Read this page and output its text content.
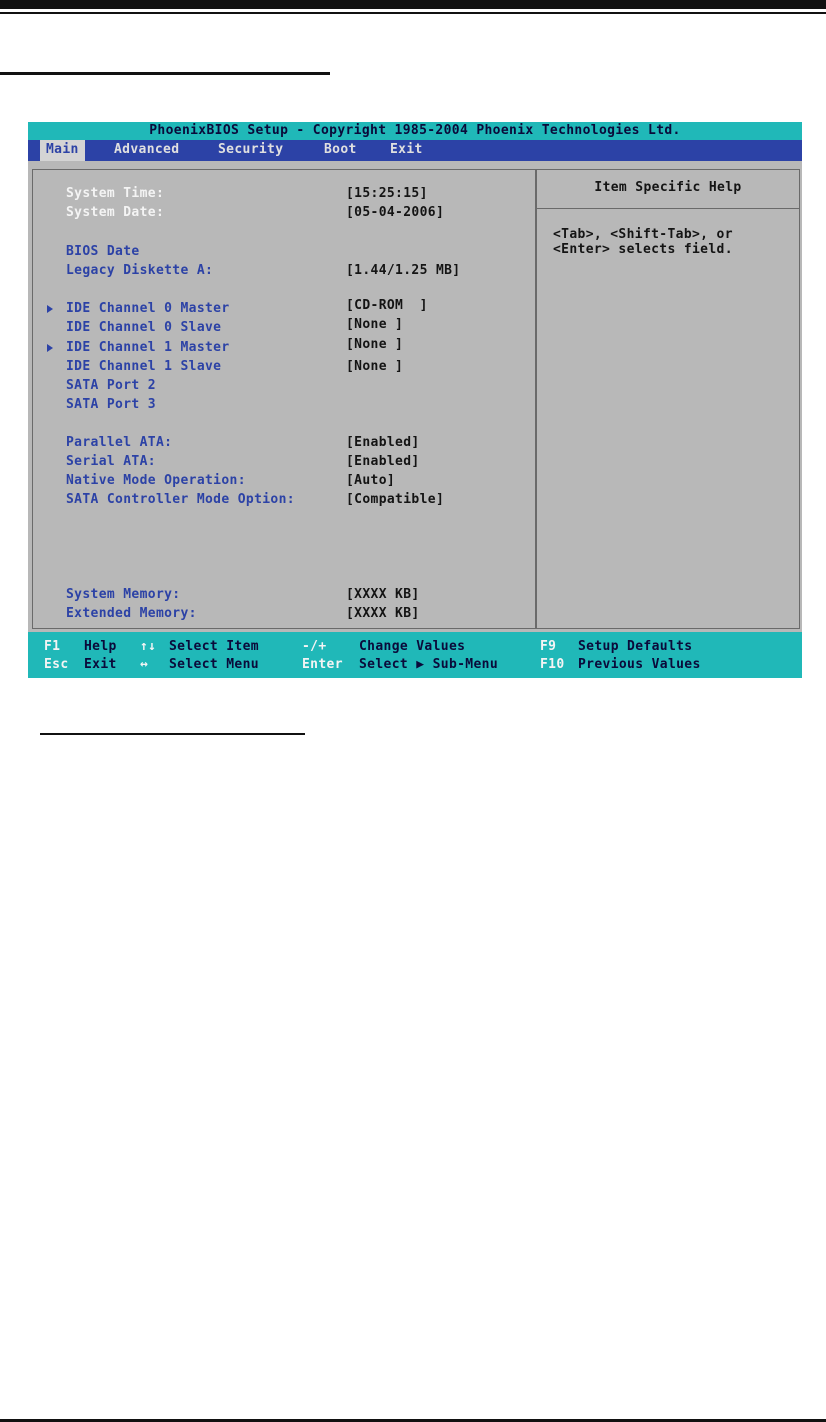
PhoenixBIOS Setup - Copyright 1985-2004 Phoenix Technologies Ltd.
Main	Advanced	Security	Boot	Exit
System Time:	[15:25:15]
System Date:	[05-04-2006]
BIOS Date
Legacy Diskette A:	[1.44/1.25 MB]
IDE Channel 0 Master	[CD-ROM  ]
IDE Channel 0 Slave	[None ]
IDE Channel 1 Master	[None ]
IDE Channel 1 Slave	[None ]
SATA Port 2
SATA Port 3
Parallel ATA:	[Enabled]
Serial ATA:	[Enabled]
Native Mode Operation:	[Auto]
SATA Controller Mode Option:	[Compatible]
System Memory:	[XXXX KB]
Extended Memory:	[XXXX KB]
Item Specific Help
<Tab>, <Shift-Tab>, or
<Enter> selects field.
F1 Help ↑↓ Select Item	-/+ Change Values	F9 Setup Defaults
Esc Exit ↔ Select Menu	Enter Select ▶ Sub-Menu	F10 Previous Values
